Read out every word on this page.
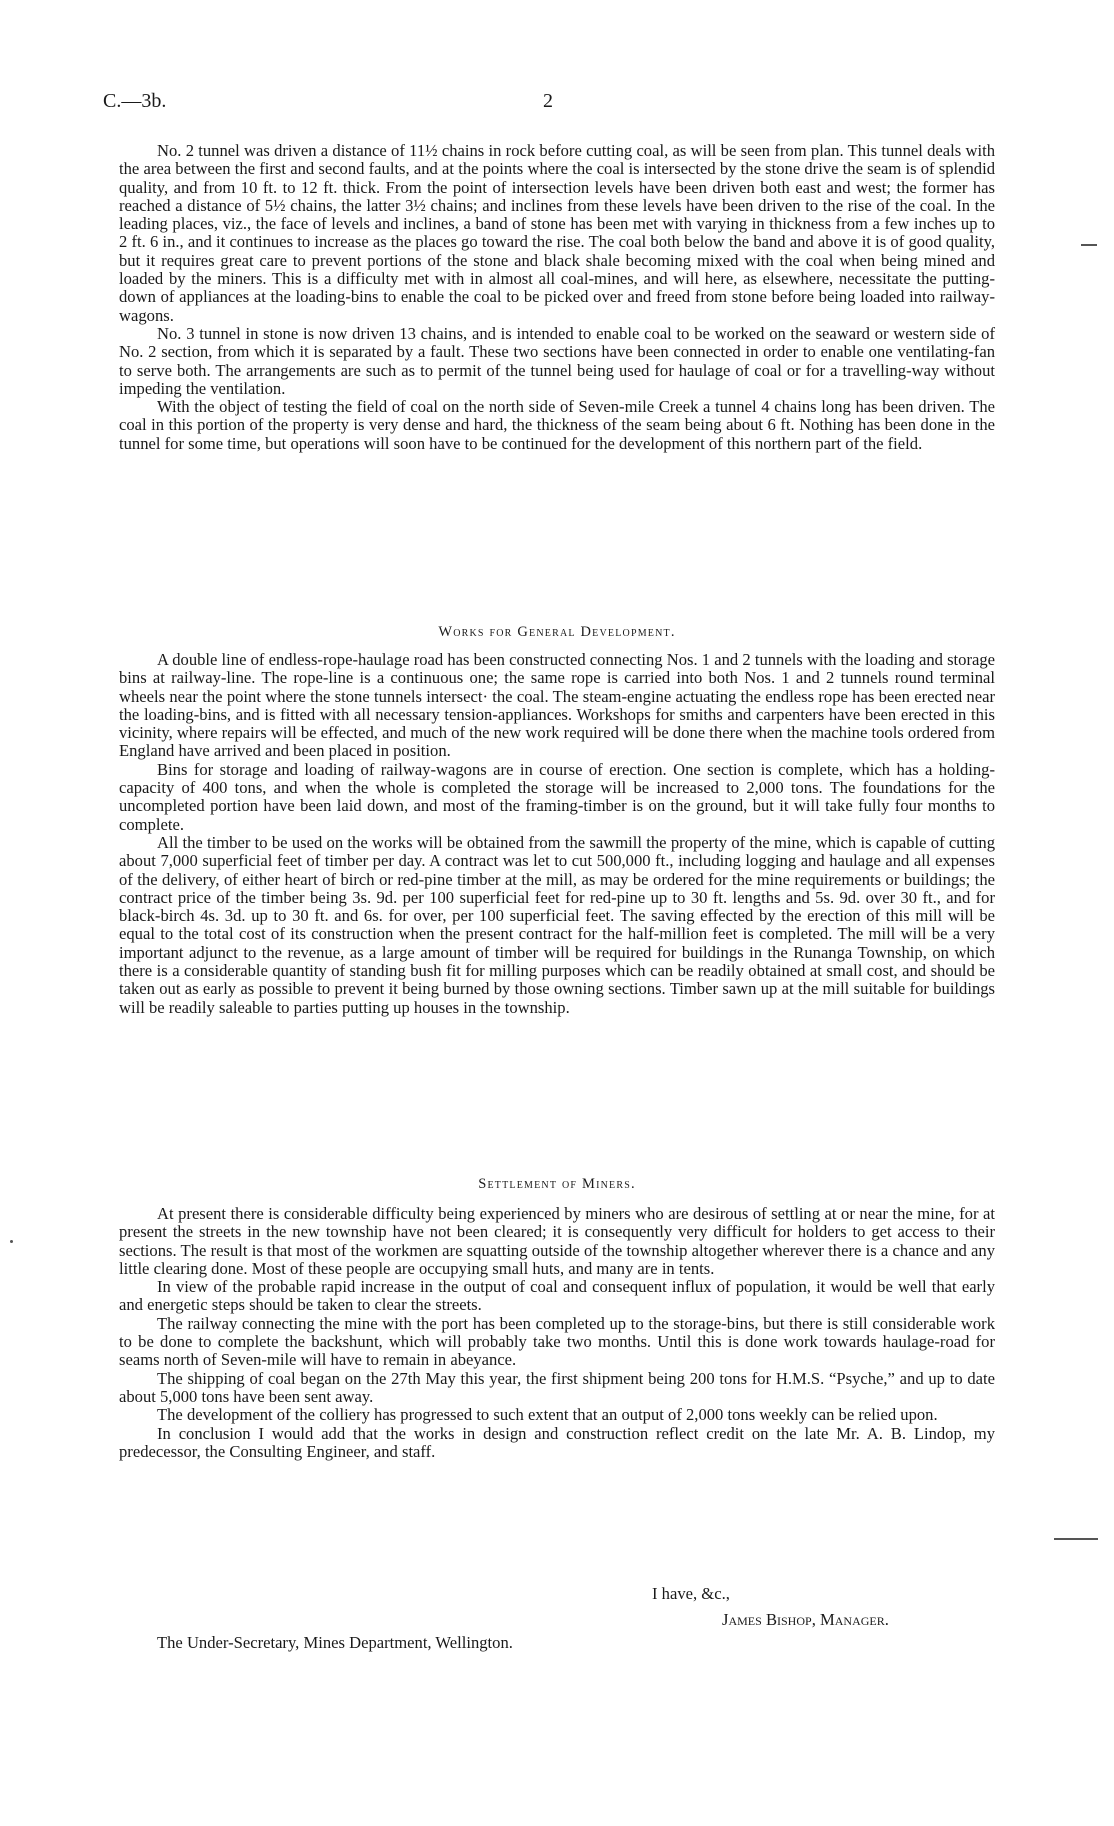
C.—3b.	2

No. 2 tunnel was driven a distance of 11½ chains in rock before cutting coal, as will be seen from plan. This tunnel deals with the area between the first and second faults, and at the points where the coal is intersected by the stone drive the seam is of splendid quality, and from 10 ft. to 12 ft. thick. From the point of intersection levels have been driven both east and west; the former has reached a distance of 5½ chains, the latter 3½ chains; and inclines from these levels have been driven to the rise of the coal. In the leading places, viz., the face of levels and inclines, a band of stone has been met with varying in thickness from a few inches up to 2 ft. 6 in., and it continues to increase as the places go toward the rise. The coal both below the band and above it is of good quality, but it requires great care to prevent portions of the stone and black shale becoming mixed with the coal when being mined and loaded by the miners. This is a difficulty met with in almost all coal-mines, and will here, as elsewhere, necessitate the putting-down of appliances at the loading-bins to enable the coal to be picked over and freed from stone before being loaded into railway-wagons.

No. 3 tunnel in stone is now driven 13 chains, and is intended to enable coal to be worked on the seaward or western side of No. 2 section, from which it is separated by a fault. These two sections have been connected in order to enable one ventilating-fan to serve both. The arrangements are such as to permit of the tunnel being used for haulage of coal or for a travelling-way without impeding the ventilation.

With the object of testing the field of coal on the north side of Seven-mile Creek a tunnel 4 chains long has been driven. The coal in this portion of the property is very dense and hard, the thickness of the seam being about 6 ft. Nothing has been done in the tunnel for some time, but operations will soon have to be continued for the development of this northern part of the field.

Works for General Development.

A double line of endless-rope-haulage road has been constructed connecting Nos. 1 and 2 tunnels with the loading and storage bins at railway-line. The rope-line is a continuous one; the same rope is carried into both Nos. 1 and 2 tunnels round terminal wheels near the point where the stone tunnels intersect· the coal. The steam-engine actuating the endless rope has been erected near the loading-bins, and is fitted with all necessary tension-appliances. Workshops for smiths and carpenters have been erected in this vicinity, where repairs will be effected, and much of the new work required will be done there when the machine tools ordered from England have arrived and been placed in position.

Bins for storage and loading of railway-wagons are in course of erection. One section is complete, which has a holding-capacity of 400 tons, and when the whole is completed the storage will be increased to 2,000 tons. The foundations for the uncompleted portion have been laid down, and most of the framing-timber is on the ground, but it will take fully four months to complete.

All the timber to be used on the works will be obtained from the sawmill the property of the mine, which is capable of cutting about 7,000 superficial feet of timber per day. A contract was let to cut 500,000 ft., including logging and haulage and all expenses of the delivery, of either heart of birch or red-pine timber at the mill, as may be ordered for the mine requirements or buildings; the contract price of the timber being 3s. 9d. per 100 superficial feet for red-pine up to 30 ft. lengths and 5s. 9d. over 30 ft., and for black-birch 4s. 3d. up to 30 ft. and 6s. for over, per 100 superficial feet. The saving effected by the erection of this mill will be equal to the total cost of its construction when the present contract for the half-million feet is completed. The mill will be a very important adjunct to the revenue, as a large amount of timber will be required for buildings in the Runanga Township, on which there is a considerable quantity of standing bush fit for milling purposes which can be readily obtained at small cost, and should be taken out as early as possible to prevent it being burned by those owning sections. Timber sawn up at the mill suitable for buildings will be readily saleable to parties putting up houses in the township.

Settlement of Miners.

At present there is considerable difficulty being experienced by miners who are desirous of settling at or near the mine, for at present the streets in the new township have not been cleared; it is consequently very difficult for holders to get access to their sections. The result is that most of the workmen are squatting outside of the township altogether wherever there is a chance and any little clearing done. Most of these people are occupying small huts, and many are in tents.

In view of the probable rapid increase in the output of coal and consequent influx of population, it would be well that early and energetic steps should be taken to clear the streets.

The railway connecting the mine with the port has been completed up to the storage-bins, but there is still considerable work to be done to complete the backshunt, which will probably take two months. Until this is done work towards haulage-road for seams north of Seven-mile will have to remain in abeyance.

The shipping of coal began on the 27th May this year, the first shipment being 200 tons for H.M.S. “Psyche,” and up to date about 5,000 tons have been sent away.

The development of the colliery has progressed to such extent that an output of 2,000 tons weekly can be relied upon.

In conclusion I would add that the works in design and construction reflect credit on the late Mr. A. B. Lindop, my predecessor, the Consulting Engineer, and staff.

I have, &c.,
James Bishop, Manager.
The Under-Secretary, Mines Department, Wellington.
